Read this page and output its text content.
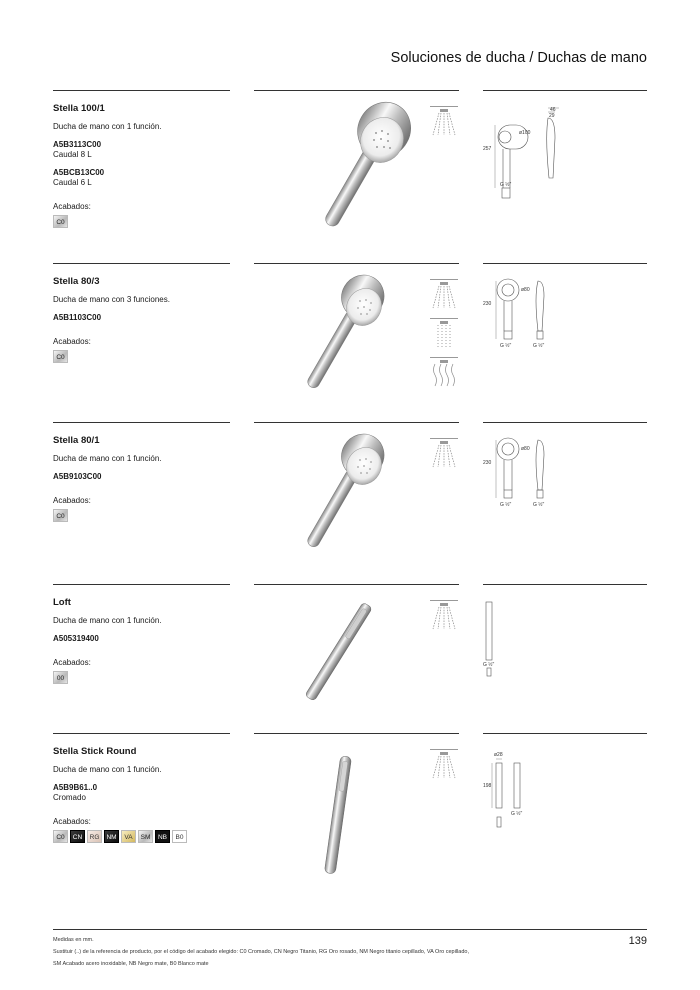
Soluciones de ducha / Duchas de mano
Stella 100/1
Ducha de mano con 1 función.
A5B3113C00
Caudal 8 L
A5BCB13C00
Caudal 6 L
Acabados:
C0
46
29
ø100
257
G ½"
Stella 80/3
Ducha de mano con 3 funciones.
A5B1103C00
Acabados:
C0

ø80
230
G ½"	G ½"
Stella 80/1
Ducha de mano con 1 función.
A5B9103C00
Acabados:
C0
ø80
230
G ½"	G ½"
Loft
Ducha de mano con 1 función.
A505319400
Acabados:
00
G ½"
Stella Stick Round
Ducha de mano con 1 función.
A5B9B61..0
Cromado
Acabados:
C0	CN	RG	NM	VA	SM	NB	B0
ø28
198
G ½"
Medidas en mm.
Sustituir (..) de la referencia de producto, por el código del acabado elegido: C0 Cromado, CN Negro Titanio, RG Oro rosado, NM Negro titanio cepillado, VA Oro cepillado,
SM Acabado acero inoxidable, NB Negro mate, B0 Blanco mate
139
